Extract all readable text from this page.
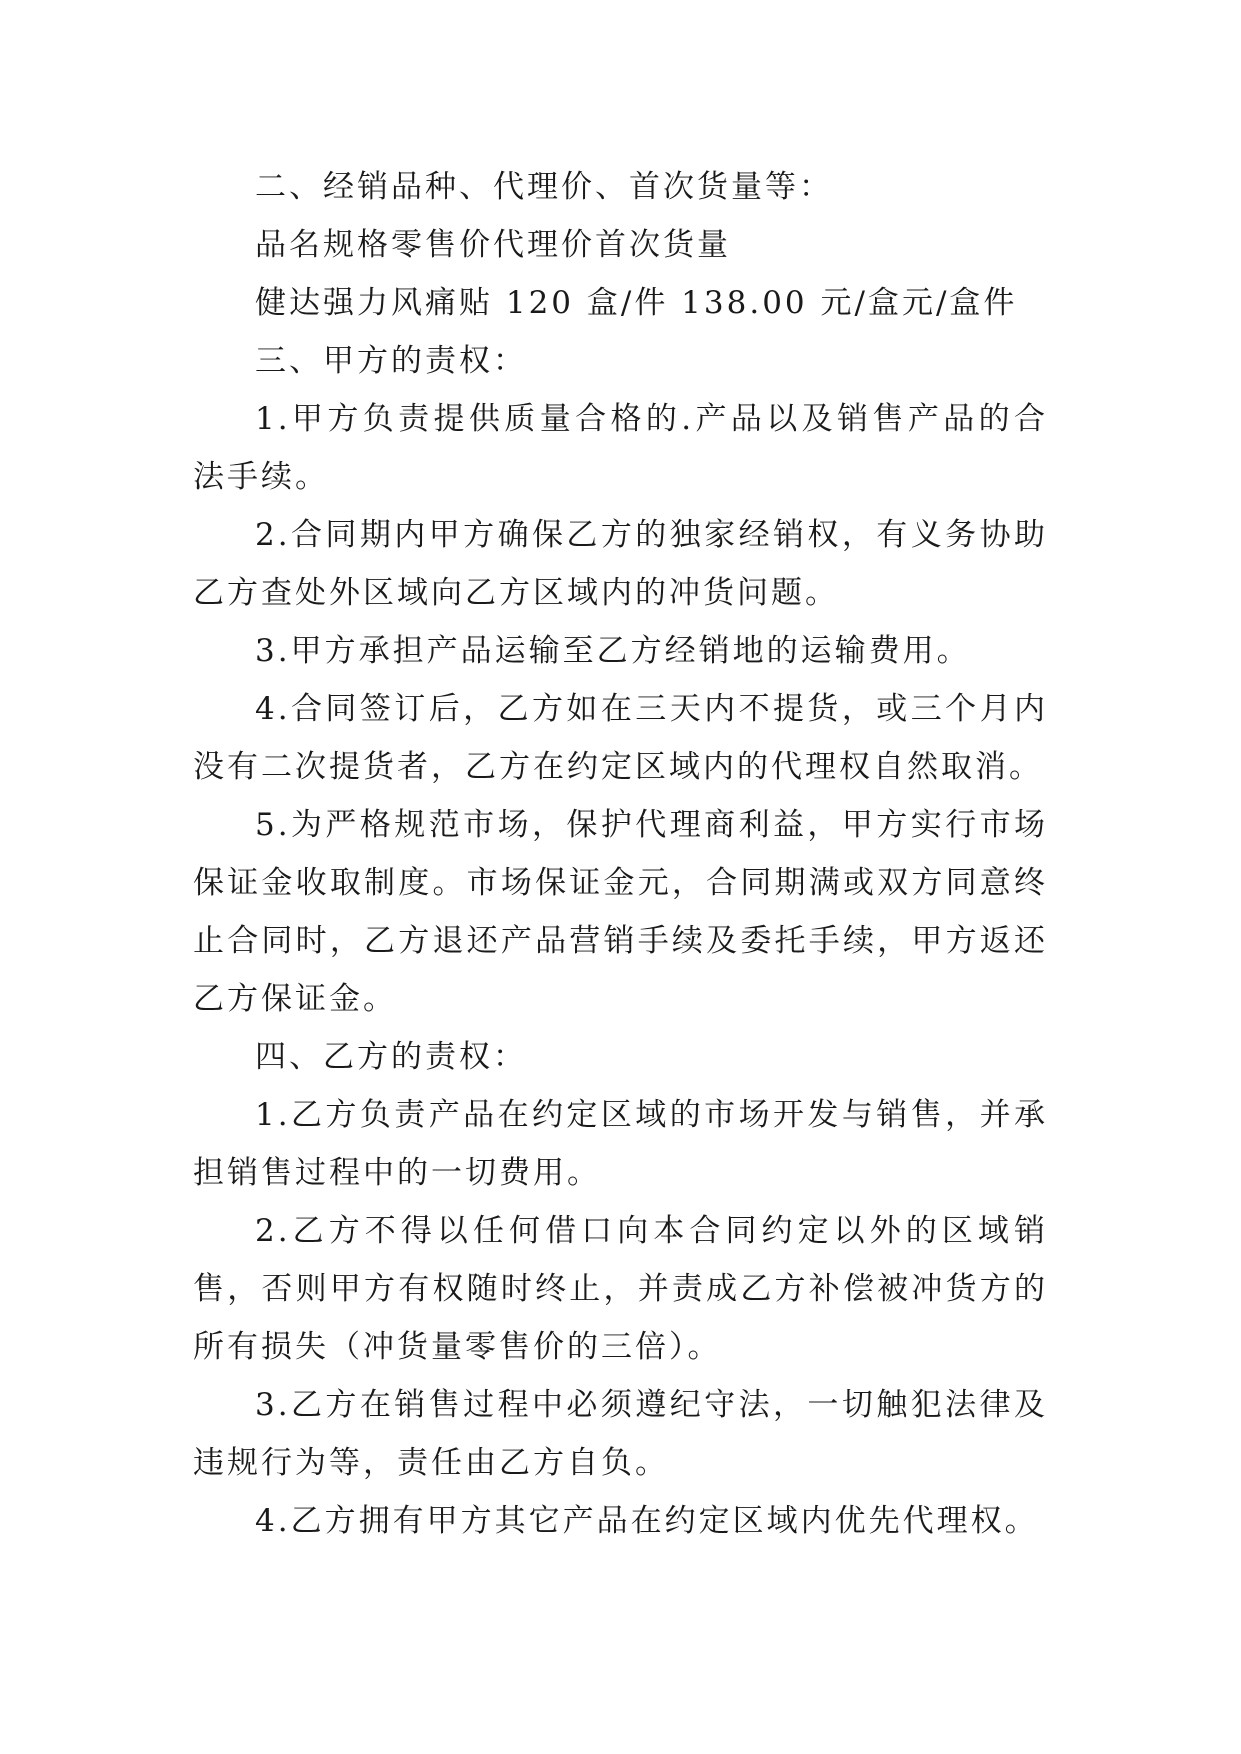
二、经销品种、代理价、首次货量等：

品名规格零售价代理价首次货量

健达强力风痛贴 120 盒/件 138.00 元/盒元/盒件

三、甲方的责权：

1.甲方负责提供质量合格的.产品以及销售产品的合法手续。

2.合同期内甲方确保乙方的独家经销权，有义务协助乙方查处外区域向乙方区域内的冲货问题。

3.甲方承担产品运输至乙方经销地的运输费用。

4.合同签订后，乙方如在三天内不提货，或三个月内没有二次提货者，乙方在约定区域内的代理权自然取消。

5.为严格规范市场，保护代理商利益，甲方实行市场保证金收取制度。市场保证金元，合同期满或双方同意终止合同时，乙方退还产品营销手续及委托手续，甲方返还乙方保证金。

四、乙方的责权：

1.乙方负责产品在约定区域的市场开发与销售，并承担销售过程中的一切费用。

2.乙方不得以任何借口向本合同约定以外的区域销售，否则甲方有权随时终止，并责成乙方补偿被冲货方的所有损失（冲货量零售价的三倍）。

3.乙方在销售过程中必须遵纪守法，一切触犯法律及违规行为等，责任由乙方自负。

4.乙方拥有甲方其它产品在约定区域内优先代理权。
